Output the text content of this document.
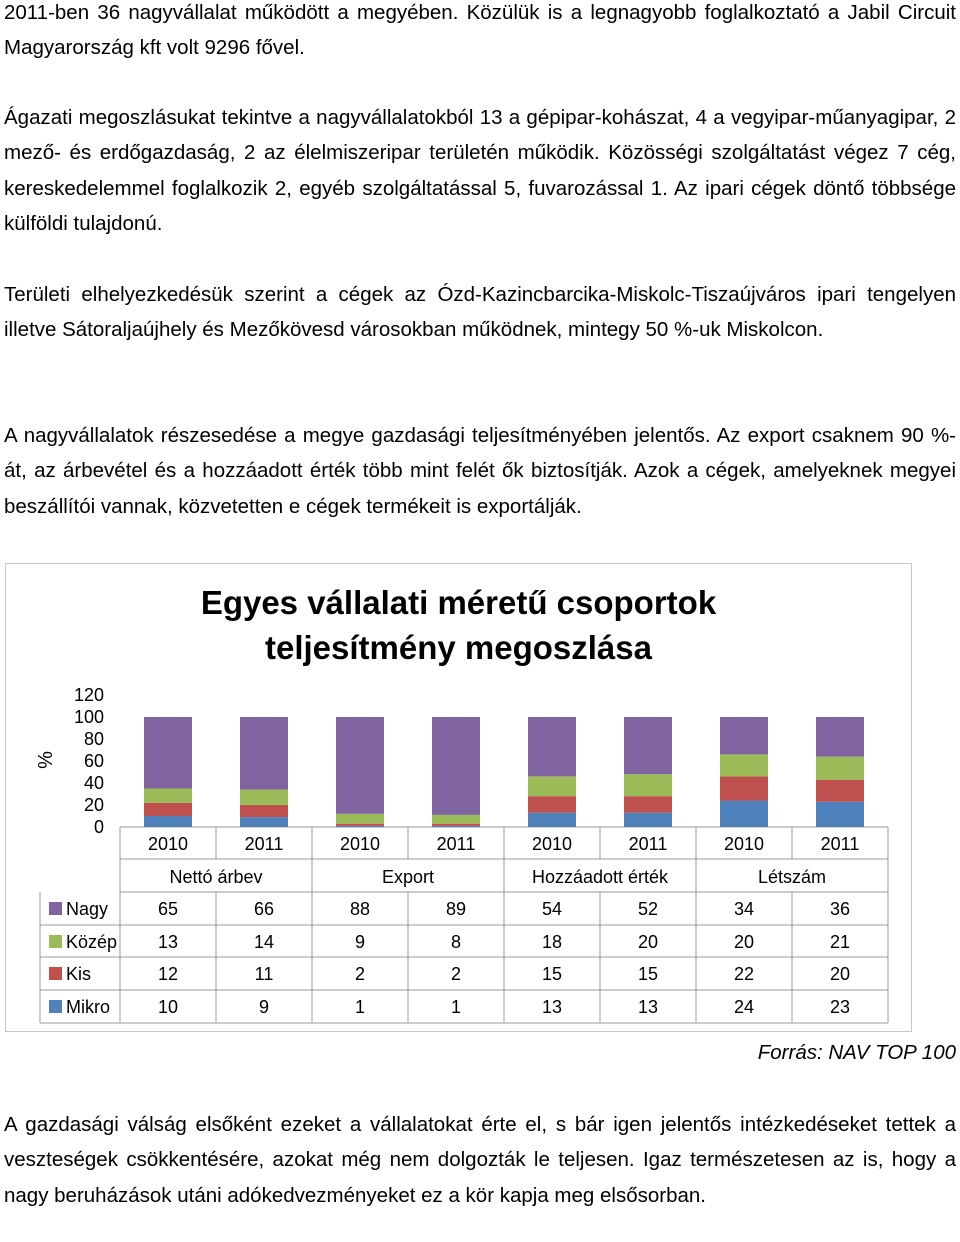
2011-ben 36 nagyvállalat működött a megyében. Közülük is a legnagyobb foglalkoztató a Jabil Circuit Magyarország kft volt 9296 fővel.

Ágazati megoszlásukat tekintve a nagyvállalatokból 13 a gépipar-kohászat, 4 a vegyipar-műanyagipar, 2 mező- és erdőgazdaság, 2 az élelmiszeripar területén működik. Közösségi szolgáltatást végez 7 cég, kereskedelemmel foglalkozik 2, egyéb szolgáltatással 5, fuvarozással 1. Az ipari cégek döntő többsége külföldi tulajdonú.

Területi elhelyezkedésük szerint a cégek az Ózd-Kazincbarcika-Miskolc-Tiszaújváros ipari tengelyen illetve Sátoraljaújhely és Mezőkövesd városokban működnek, mintegy 50 %-uk Miskolcon.

A nagyvállalatok részesedése a megye gazdasági teljesítményében jelentős. Az export csaknem 90 %-át, az árbevétel és a hozzáadott érték több mint felét ők biztosítják. Azok a cégek, amelyeknek megyei beszállítói vannak, közvetetten e cégek termékeit is exportálják.

Egyes vállalati méretű csoportok
teljesítmény megoszlása
%
120
100
80
60
40
20
0
2010	2011	2010	2011	2010	2011	2010	2011
Nettó árbev	Export	Hozzáadott érték	Létszám
Nagy	65	66	88	89	54	52	34	36
Közép 13	14	9	8	18	20	20	21
Kis	12	11	2	2	15	15	22	20
Mikro	10	9	1	1	13	13	24	23
Forrás: NAV TOP 100

A gazdasági válság elsőként ezeket a vállalatokat érte el, s bár igen jelentős intézkedéseket tettek a veszteségek csökkentésére, azokat még nem dolgozták le teljesen. Igaz természetesen az is, hogy a nagy beruházások utáni adókedvezményeket ez a kör kapja meg elsősorban.
